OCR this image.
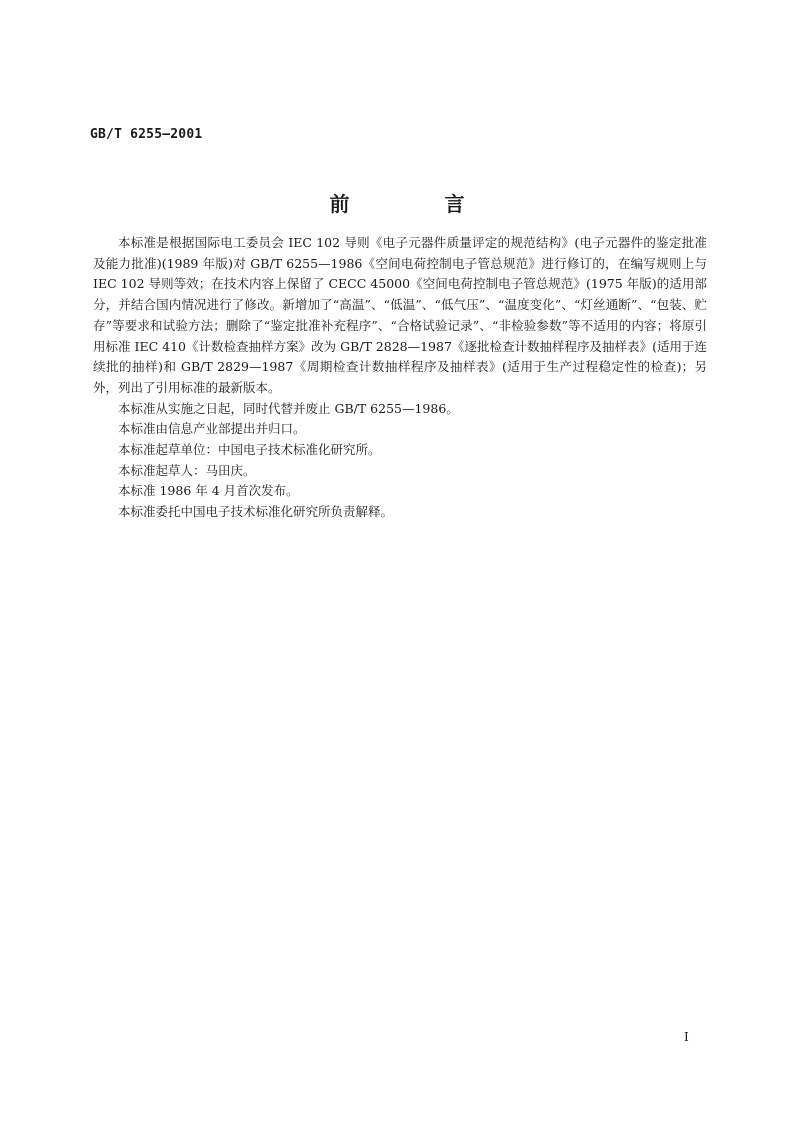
GB/T 6255—2001
前 言

本标准是根据国际电工委员会 IEC 102 导则《电子元器件质量评定的规范结构》(电子元器件的鉴定批准及能力批准)(1989 年版)对 GB/T 6255—1986《空间电荷控制电子管总规范》进行修订的，在编写规则上与 IEC 102 导则等效；在技术内容上保留了 CECC 45000《空间电荷控制电子管总规范》(1975 年版)的适用部分，并结合国内情况进行了修改。新增加了“高温”、“低温”、“低气压”、“温度变化”、“灯丝通断”、“包装、贮存”等要求和试验方法；删除了“鉴定批准补充程序”、“合格试验记录”、“非检验参数”等不适用的内容；将原引用标准 IEC 410《计数检查抽样方案》改为 GB/T 2828—1987《逐批检查计数抽样程序及抽样表》(适用于连续批的抽样)和 GB/T 2829—1987《周期检查计数抽样程序及抽样表》(适用于生产过程稳定性的检查)；另外，列出了引用标准的最新版本。

本标准从实施之日起，同时代替并废止 GB/T 6255—1986。

本标准由信息产业部提出并归口。

本标准起草单位：中国电子技术标准化研究所。

本标准起草人：马田庆。

本标准 1986 年 4 月首次发布。

本标准委托中国电子技术标准化研究所负责解释。

I
